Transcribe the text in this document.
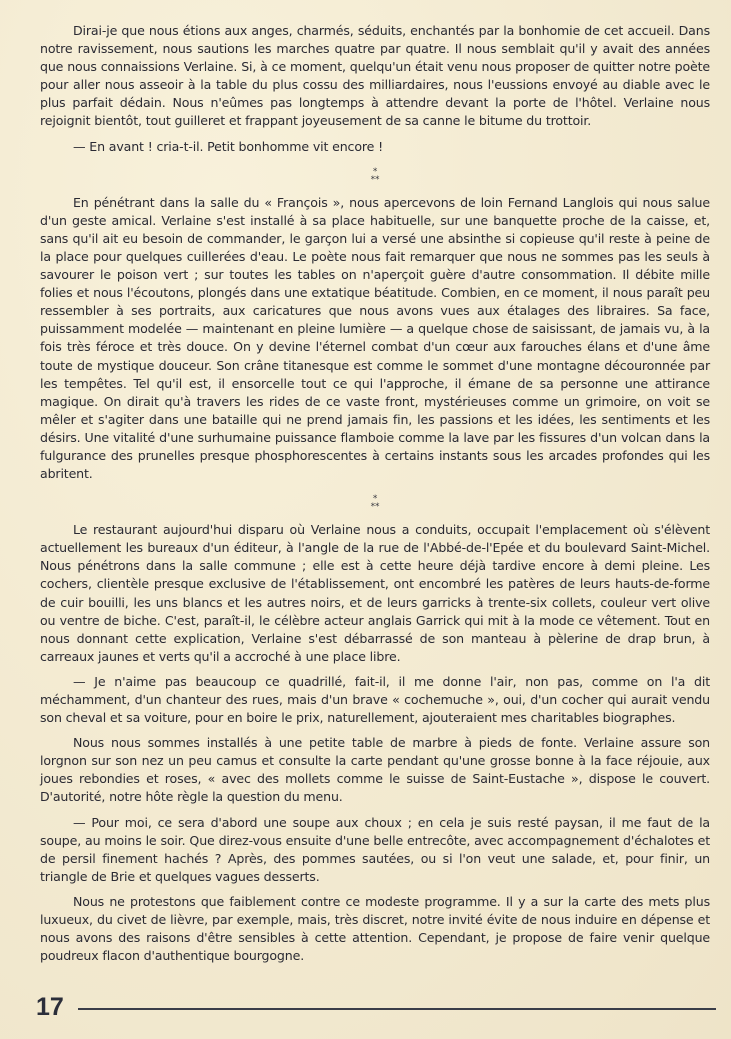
Dirai-je que nous étions aux anges, charmés, séduits, enchantés par la bonhomie de cet accueil. Dans notre ravissement, nous sautions les marches quatre par quatre. Il nous semblait qu'il y avait des années que nous connaissions Verlaine. Si, à ce moment, quelqu'un était venu nous proposer de quitter notre poète pour aller nous asseoir à la table du plus cossu des milliardaires, nous l'eussions envoyé au diable avec le plus parfait dédain. Nous n'eûmes pas longtemps à attendre devant la porte de l'hôtel. Verlaine nous rejoignit bientôt, tout guilleret et frappant joyeusement de sa canne le bitume du trottoir.

— En avant ! cria-t-il. Petit bonhomme vit encore !

*
**

En pénétrant dans la salle du « François », nous apercevons de loin Fernand Langlois qui nous salue d'un geste amical. Verlaine s'est installé à sa place habituelle, sur une banquette proche de la caisse, et, sans qu'il ait eu besoin de commander, le garçon lui a versé une absinthe si copieuse qu'il reste à peine de la place pour quelques cuillerées d'eau. Le poète nous fait remarquer que nous ne sommes pas les seuls à savourer le poison vert ; sur toutes les tables on n'aperçoit guère d'autre consommation. Il débite mille folies et nous l'écoutons, plongés dans une extatique béatitude. Combien, en ce moment, il nous paraît peu ressembler à ses portraits, aux caricatures que nous avons vues aux étalages des libraires. Sa face, puissamment modelée — maintenant en pleine lumière — a quelque chose de saisissant, de jamais vu, à la fois très féroce et très douce. On y devine l'éternel combat d'un cœur aux farouches élans et d'une âme toute de mystique douceur. Son crâne titanesque est comme le sommet d'une montagne découronnée par les tempêtes. Tel qu'il est, il ensorcelle tout ce qui l'approche, il émane de sa personne une attirance magique. On dirait qu'à travers les rides de ce vaste front, mystérieuses comme un grimoire, on voit se mêler et s'agiter dans une bataille qui ne prend jamais fin, les passions et les idées, les sentiments et les désirs. Une vitalité d'une surhumaine puissance flamboie comme la lave par les fissures d'un volcan dans la fulgurance des prunelles presque phosphorescentes à certains instants sous les arcades profondes qui les abritent.

*
**

Le restaurant aujourd'hui disparu où Verlaine nous a conduits, occupait l'emplacement où s'élèvent actuellement les bureaux d'un éditeur, à l'angle de la rue de l'Abbé-de-l'Epée et du boulevard Saint-Michel. Nous pénétrons dans la salle commune ; elle est à cette heure déjà tardive encore à demi pleine. Les cochers, clientèle presque exclusive de l'établissement, ont encombré les patères de leurs hauts-de-forme de cuir bouilli, les uns blancs et les autres noirs, et de leurs garricks à trente-six collets, couleur vert olive ou ventre de biche. C'est, paraît-il, le célèbre acteur anglais Garrick qui mit à la mode ce vêtement. Tout en nous donnant cette explication, Verlaine s'est débarrassé de son manteau à pèlerine de drap brun, à carreaux jaunes et verts qu'il a accroché à une place libre.

— Je n'aime pas beaucoup ce quadrillé, fait-il, il me donne l'air, non pas, comme on l'a dit méchamment, d'un chanteur des rues, mais d'un brave « cochemuche », oui, d'un cocher qui aurait vendu son cheval et sa voiture, pour en boire le prix, naturellement, ajouteraient mes charitables biographes.

Nous nous sommes installés à une petite table de marbre à pieds de fonte. Verlaine assure son lorgnon sur son nez un peu camus et consulte la carte pendant qu'une grosse bonne à la face réjouie, aux joues rebondies et roses, « avec des mollets comme le suisse de Saint-Eustache », dispose le couvert. D'autorité, notre hôte règle la question du menu.

— Pour moi, ce sera d'abord une soupe aux choux ; en cela je suis resté paysan, il me faut de la soupe, au moins le soir. Que direz-vous ensuite d'une belle entrecôte, avec accompagnement d'échalotes et de persil finement hachés ? Après, des pommes sautées, ou si l'on veut une salade, et, pour finir, un triangle de Brie et quelques vagues desserts.

Nous ne protestons que faiblement contre ce modeste programme. Il y a sur la carte des mets plus luxueux, du civet de lièvre, par exemple, mais, très discret, notre invité évite de nous induire en dépense et nous avons des raisons d'être sensibles à cette attention. Cependant, je propose de faire venir quelque poudreux flacon d'authentique bourgogne.

17
